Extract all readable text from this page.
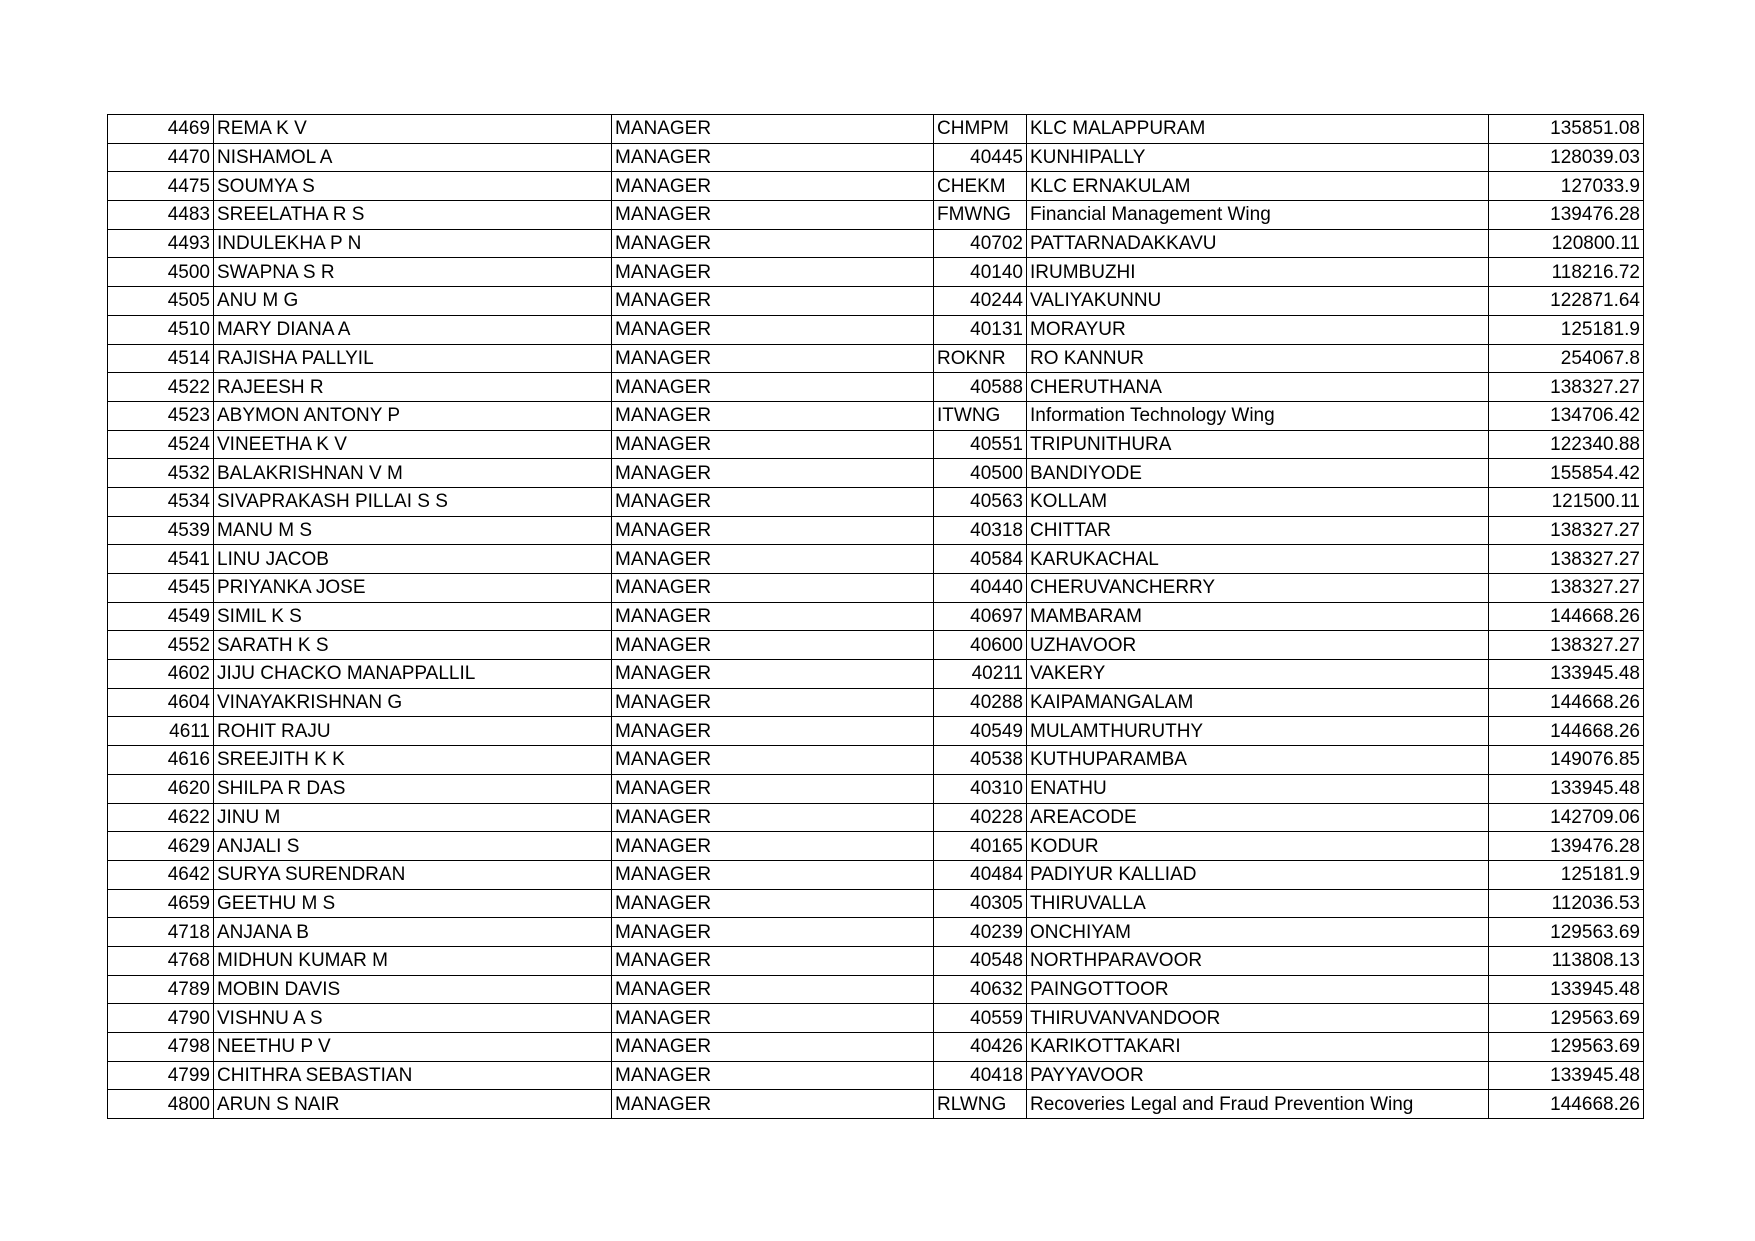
4469	REMA K V	MANAGER	CHMPM	KLC MALAPPURAM	135851.08
4470	NISHAMOL A	MANAGER	40445	KUNHIPALLY	128039.03
4475	SOUMYA S	MANAGER	CHEKM	KLC ERNAKULAM	127033.9
4483	SREELATHA R S	MANAGER	FMWNG	Financial Management Wing	139476.28
4493	INDULEKHA P N	MANAGER	40702	PATTARNADAKKAVU	120800.11
4500	SWAPNA S R	MANAGER	40140	IRUMBUZHI	118216.72
4505	ANU M G	MANAGER	40244	VALIYAKUNNU	122871.64
4510	MARY DIANA A	MANAGER	40131	MORAYUR	125181.9
4514	RAJISHA PALLYIL	MANAGER	ROKNR	RO KANNUR	254067.8
4522	RAJEESH R	MANAGER	40588	CHERUTHANA	138327.27
4523	ABYMON ANTONY P	MANAGER	ITWNG	Information Technology Wing	134706.42
4524	VINEETHA K V	MANAGER	40551	TRIPUNITHURA	122340.88
4532	BALAKRISHNAN V M	MANAGER	40500	BANDIYODE	155854.42
4534	SIVAPRAKASH PILLAI S S	MANAGER	40563	KOLLAM	121500.11
4539	MANU M S	MANAGER	40318	CHITTAR	138327.27
4541	LINU JACOB	MANAGER	40584	KARUKACHAL	138327.27
4545	PRIYANKA JOSE	MANAGER	40440	CHERUVANCHERRY	138327.27
4549	SIMIL K S	MANAGER	40697	MAMBARAM	144668.26
4552	SARATH K S	MANAGER	40600	UZHAVOOR	138327.27
4602	JIJU CHACKO MANAPPALLIL	MANAGER	40211	VAKERY	133945.48
4604	VINAYAKRISHNAN G	MANAGER	40288	KAIPAMANGALAM	144668.26
4611	ROHIT RAJU	MANAGER	40549	MULAMTHURUTHY	144668.26
4616	SREEJITH K K	MANAGER	40538	KUTHUPARAMBA	149076.85
4620	SHILPA R DAS	MANAGER	40310	ENATHU	133945.48
4622	JINU M	MANAGER	40228	AREACODE	142709.06
4629	ANJALI S	MANAGER	40165	KODUR	139476.28
4642	SURYA SURENDRAN	MANAGER	40484	PADIYUR KALLIAD	125181.9
4659	GEETHU M S	MANAGER	40305	THIRUVALLA	112036.53
4718	ANJANA B	MANAGER	40239	ONCHIYAM	129563.69
4768	MIDHUN KUMAR M	MANAGER	40548	NORTHPARAVOOR	113808.13
4789	MOBIN DAVIS	MANAGER	40632	PAINGOTTOOR	133945.48
4790	VISHNU A S	MANAGER	40559	THIRUVANVANDOOR	129563.69
4798	NEETHU P V	MANAGER	40426	KARIKOTTAKARI	129563.69
4799	CHITHRA SEBASTIAN	MANAGER	40418	PAYYAVOOR	133945.48
4800	ARUN S NAIR	MANAGER	RLWNG	Recoveries Legal and Fraud Prevention Wing	144668.26
